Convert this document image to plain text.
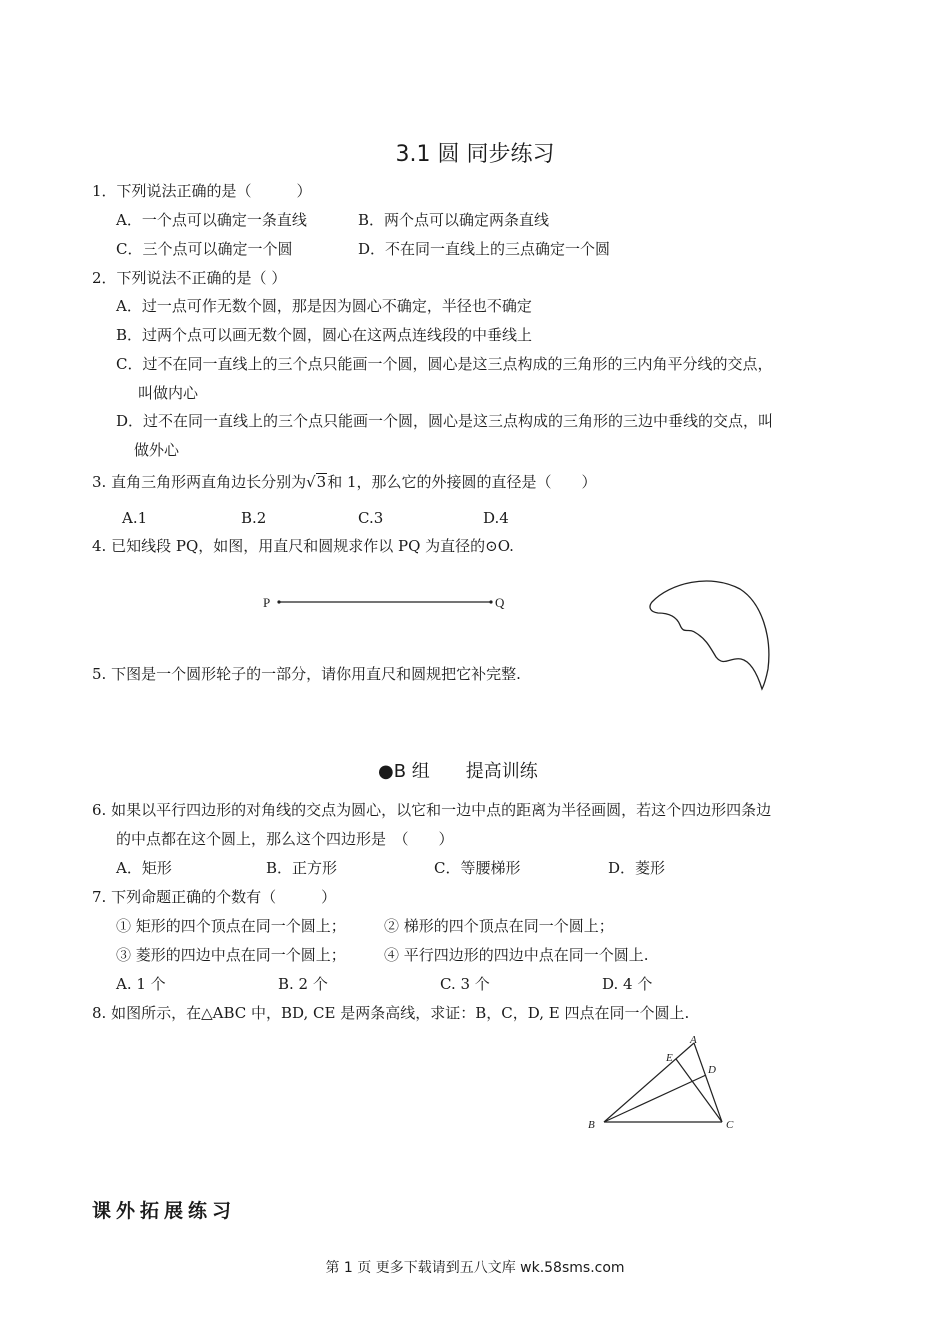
3.1 圆 同步练习
1．下列说法正确的是（　　　）
A．一个点可以确定一条直线	B．两个点可以确定两条直线
C．三个点可以确定一个圆	D．不在同一直线上的三点确定一个圆
2．下列说法不正确的是（ ）
A．过一点可作无数个圆，那是因为圆心不确定，半径也不确定
B．过两个点可以画无数个圆，圆心在这两点连线段的中垂线上
C．过不在同一直线上的三个点只能画一个圆，圆心是这三点构成的三角形的三内角平分线的交点，
叫做内心
D．过不在同一直线上的三个点只能画一个圆，圆心是这三点构成的三角形的三边中垂线的交点，叫
做外心
3. 直角三角形两直角边长分别为√3和 1，那么它的外接圆的直径是（　　）
A.1	B.2	C.3	D.4
4. 已知线段 PQ，如图，用直尺和圆规求作以 PQ 为直径的⊙O.
P	Q
5. 下图是一个圆形轮子的一部分，请你用直尺和圆规把它补完整.
●B 组　　提高训练
6. 如果以平行四边形的对角线的交点为圆心，以它和一边中点的距离为半径画圆，若这个四边形四条边
的中点都在这个圆上，那么这个四边形是　（　　）
A．矩形	B．正方形	C．等腰梯形	D．菱形
7. 下列命题正确的个数有（　　　）
① 矩形的四个顶点在同一个圆上；	② 梯形的四个顶点在同一个圆上；
③ 菱形的四边中点在同一个圆上；	④ 平行四边形的四边中点在同一个圆上.
A. 1 个	B. 2 个	C. 3 个	D. 4 个
8. 如图所示，在△ABC 中，BD, CE 是两条高线，求证：B，C，D, E 四点在同一个圆上.
A
B	C
D
E
课外拓展练习
第 1 页 更多下载请到五八文库 wk.58sms.com
